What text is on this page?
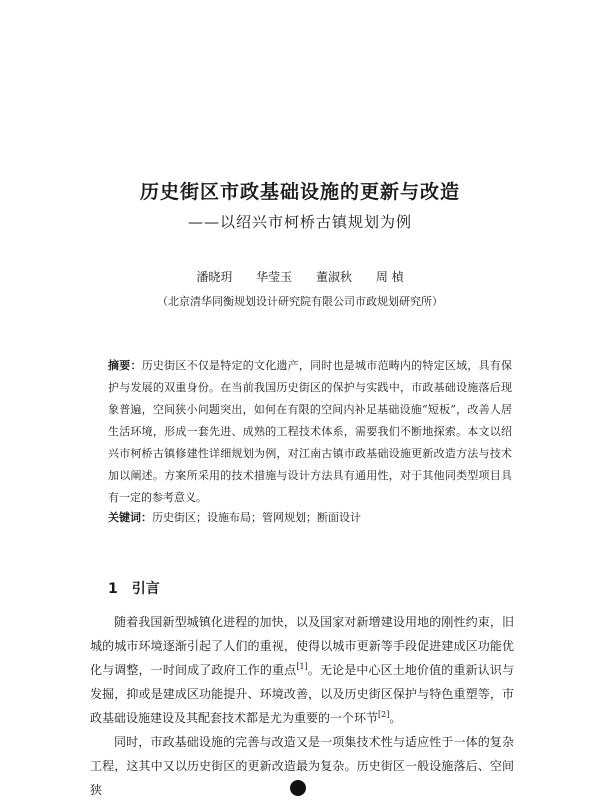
历史街区市政基础设施的更新与改造
——以绍兴市柯桥古镇规划为例
潘晓玥 华莹玉 董淑秋 周 楨
（北京清华同衡规划设计研究院有限公司市政规划研究所）
摘要：历史街区不仅是特定的文化遗产，同时也是城市范畴内的特定区域，具有保护与发展的双重身份。在当前我国历史街区的保护与实践中，市政基础设施落后现象普遍，空间狭小问题突出，如何在有限的空间内补足基础设施“短板”，改善人居生活环境，形成一套先进、成熟的工程技术体系，需要我们不断地探索。本文以绍兴市柯桥古镇修建性详细规划为例，对江南古镇市政基础设施更新改造方法与技术加以阐述。方案所采用的技术措施与设计方法具有通用性，对于其他同类型项目具有一定的参考意义。
关键词：历史街区；设施布局；管网规划；断面设计
1 引言

随着我国新型城镇化进程的加快，以及国家对新增建设用地的刚性约束，旧城的城市环境逐渐引起了人们的重视，使得以城市更新等手段促进建成区功能优化与调整，一时间成了政府工作的重点[1]。无论是中心区土地价值的重新认识与发掘，抑或是建成区功能提升、环境改善，以及历史街区保护与特色重塑等，市政基础设施建设及其配套技术都是尤为重要的一个环节[2]。

同时，市政基础设施的完善与改造又是一项集技术性与适应性于一体的复杂工程，这其中又以历史街区的更新改造最为复杂。历史街区一般设施落后、空间狭
